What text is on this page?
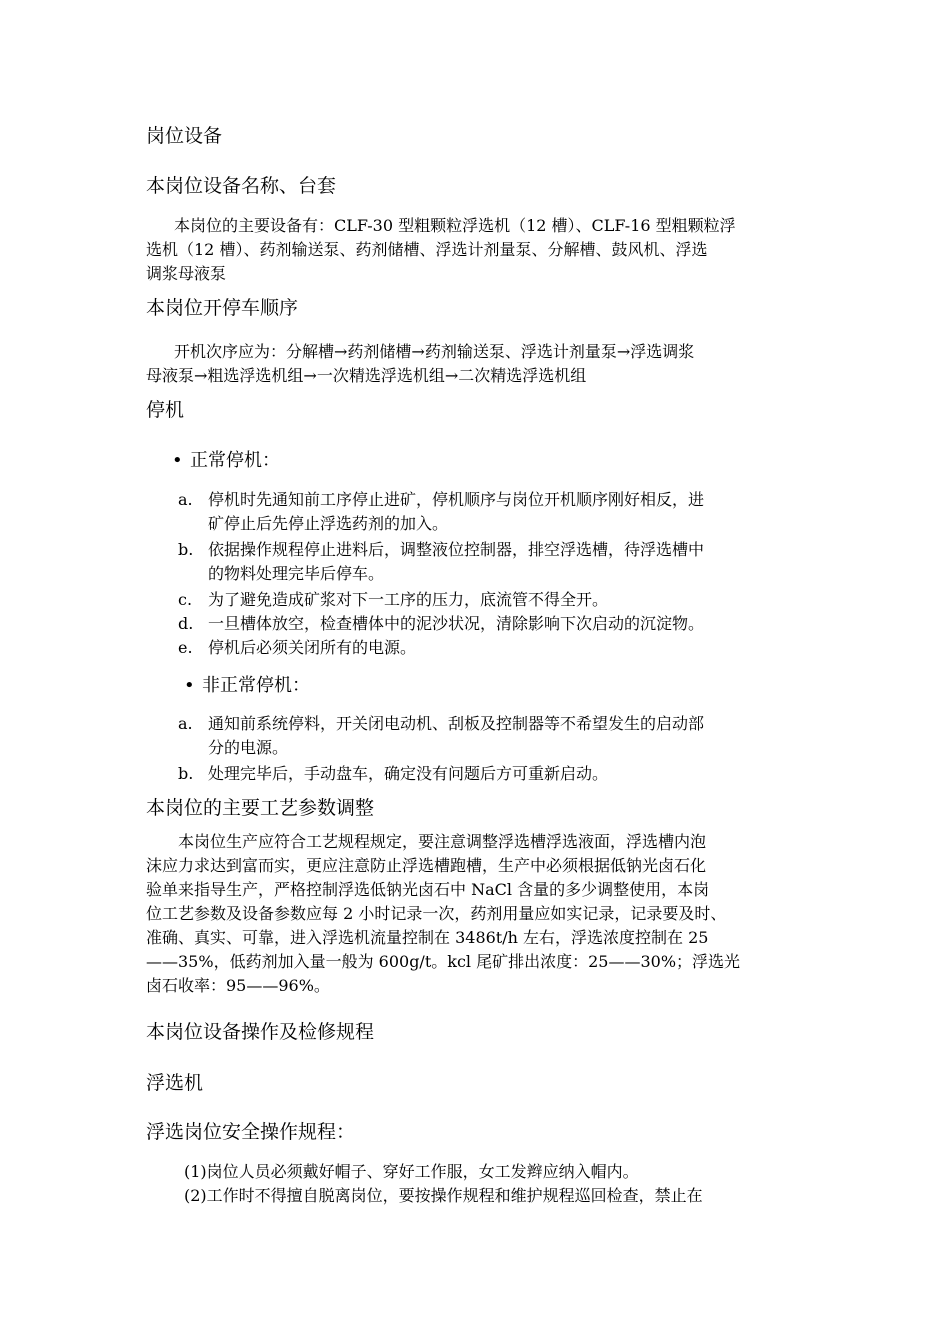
岗位设备
本岗位设备名称、台套
本岗位的主要设备有：CLF-30 型粗颗粒浮选机（12 槽）、CLF-16 型粗颗粒浮
选机（12 槽）、药剂输送泵、药剂储槽、浮选计剂量泵、分解槽、鼓风机、浮选
调浆母液泵
本岗位开停车顺序
开机次序应为：分解槽→药剂储槽→药剂输送泵、浮选计剂量泵→浮选调浆
母液泵→粗选浮选机组→一次精选浮选机组→二次精选浮选机组
停机
• 正常停机：
a. 停机时先通知前工序停止进矿，停机顺序与岗位开机顺序刚好相反，进
矿停止后先停止浮选药剂的加入。
b. 依据操作规程停止进料后，调整液位控制器，排空浮选槽，待浮选槽中
的物料处理完毕后停车。
c. 为了避免造成矿浆对下一工序的压力，底流管不得全开。
d. 一旦槽体放空，检查槽体中的泥沙状况，清除影响下次启动的沉淀物。
e. 停机后必须关闭所有的电源。
• 非正常停机：
a. 通知前系统停料，开关闭电动机、刮板及控制器等不希望发生的启动部
分的电源。
b. 处理完毕后，手动盘车，确定没有问题后方可重新启动。
本岗位的主要工艺参数调整
本岗位生产应符合工艺规程规定，要注意调整浮选槽浮选液面，浮选槽内泡
沫应力求达到富而实，更应注意防止浮选槽跑槽，生产中必须根据低钠光卤石化
验单来指导生产，严格控制浮选低钠光卤石中 NaCl 含量的多少调整使用，本岗
位工艺参数及设备参数应每 2 小时记录一次，药剂用量应如实记录，记录要及时、
准确、真实、可靠，进入浮选机流量控制在 3486t/h 左右，浮选浓度控制在 25
——35%，低药剂加入量一般为 600g/t。kcl 尾矿排出浓度：25——30%；浮选光
卤石收率：95——96%。
本岗位设备操作及检修规程
浮选机
浮选岗位安全操作规程：
(1)岗位人员必须戴好帽子、穿好工作服，女工发辫应纳入帽内。
(2)工作时不得擅自脱离岗位，要按操作规程和维护规程巡回检查，禁止在
